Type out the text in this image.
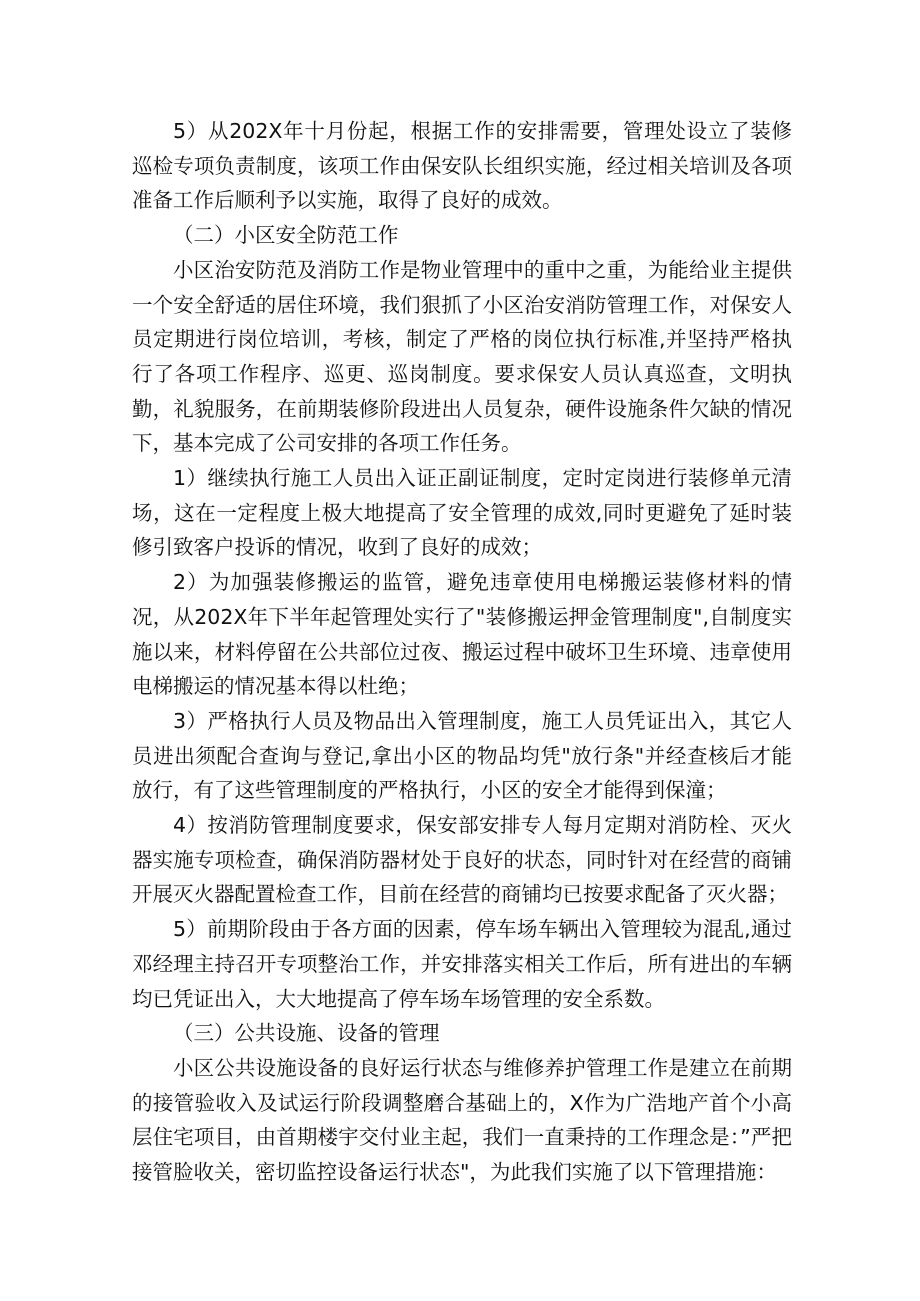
5）从202X年十月份起，根据工作的安排需要，管理处设立了装修巡检专项负责制度，该项工作由保安队长组织实施，经过相关培训及各项准备工作后顺利予以实施，取得了良好的成效。

（二）小区安全防范工作

小区治安防范及消防工作是物业管理中的重中之重，为能给业主提供一个安全舒适的居住环境，我们狠抓了小区治安消防管理工作，对保安人员定期进行岗位培训，考核，制定了严格的岗位执行标准,并坚持严格执行了各项工作程序、巡更、巡岗制度。要求保安人员认真巡查，文明执勤，礼貌服务，在前期装修阶段进出人员复杂，硬件设施条件欠缺的情况下，基本完成了公司安排的各项工作任务。

1）继续执行施工人员出入证正副证制度，定时定岗进行装修单元清场，这在一定程度上极大地提高了安全管理的成效,同时更避免了延时装修引致客户投诉的情况，收到了良好的成效；

2）为加强装修搬运的监管，避免违章使用电梯搬运装修材料的情况，从202X年下半年起管理处实行了"装修搬运押金管理制度",自制度实施以来，材料停留在公共部位过夜、搬运过程中破坏卫生环境、违章使用电梯搬运的情况基本得以杜绝；

3）严格执行人员及物品出入管理制度，施工人员凭证出入，其它人员进出须配合查询与登记,拿出小区的物品均凭"放行条"并经查核后才能放行，有了这些管理制度的严格执行，小区的安全才能得到保潼；

4）按消防管理制度要求，保安部安排专人每月定期对消防栓、灭火器实施专项检查，确保消防器材处于良好的状态，同时针对在经营的商铺开展灭火器配置检查工作，目前在经营的商铺均已按要求配备了灭火器；

5）前期阶段由于各方面的因素，停车场车辆出入管理较为混乱,通过邓经理主持召开专项整治工作，并安排落实相关工作后，所有进出的车辆均已凭证出入，大大地提高了停车场车场管理的安全系数。

（三）公共设施、设备的管理

小区公共设施设备的良好运行状态与维修养护管理工作是建立在前期的接管验收入及试运行阶段调整磨合基础上的，X作为广浩地产首个小高层住宅项目，由首期楼宇交付业主起，我们一直秉持的工作理念是：”严把接管脸收关，密切监控设备运行状态"，为此我们实施了以下管理措施：
